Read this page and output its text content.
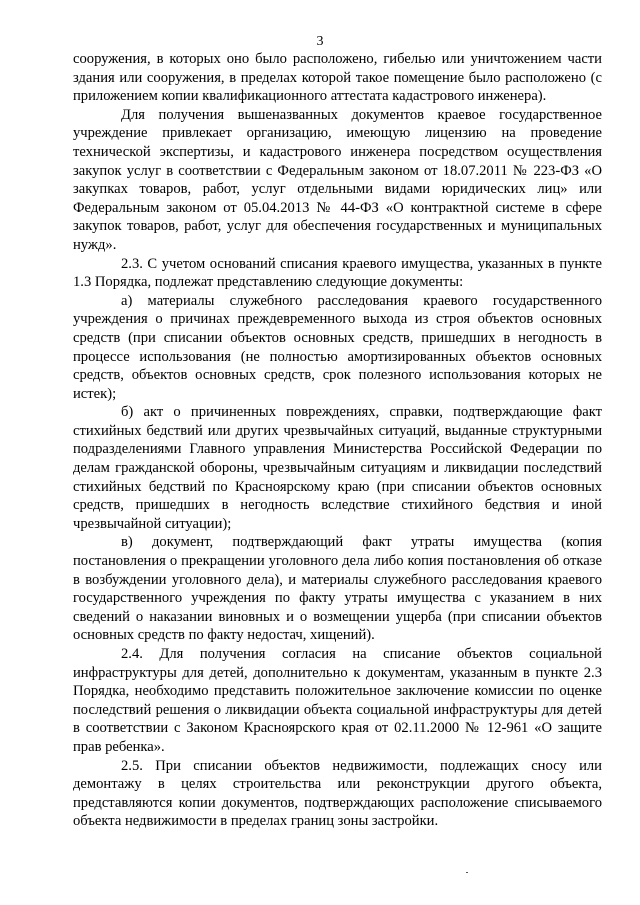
3

сооружения, в которых оно было расположено, гибелью или уничтожением части здания или сооружения, в пределах которой такое помещение было расположено (с приложением копии квалификационного аттестата кадастрового инженера).

Для получения вышеназванных документов краевое государственное учреждение привлекает организацию, имеющую лицензию на проведение технической экспертизы, и кадастрового инженера посредством осуществления закупок услуг в соответствии с Федеральным законом от 18.07.2011 № 223-ФЗ «О закупках товаров, работ, услуг отдельными видами юридических лиц» или Федеральным законом от 05.04.2013 № 44-ФЗ «О контрактной системе в сфере закупок товаров, работ, услуг для обеспечения государственных и муниципальных нужд».

2.3. С учетом оснований списания краевого имущества, указанных в пункте 1.3 Порядка, подлежат представлению следующие документы:

а) материалы служебного расследования краевого государственного учреждения о причинах преждевременного выхода из строя объектов основных средств (при списании объектов основных средств, пришедших в негодность в процессе использования (не полностью амортизированных объектов основных средств, объектов основных средств, срок полезного использования которых не истек);

б) акт о причиненных повреждениях, справки, подтверждающие факт стихийных бедствий или других чрезвычайных ситуаций, выданные структурными подразделениями Главного управления Министерства Российской Федерации по делам гражданской обороны, чрезвычайным ситуациям и ликвидации последствий стихийных бедствий по Красноярскому краю (при списании объектов основных средств, пришедших в негодность вследствие стихийного бедствия и иной чрезвычайной ситуации);

в) документ, подтверждающий факт утраты имущества (копия постановления о прекращении уголовного дела либо копия постановления об отказе в возбуждении уголовного дела), и материалы служебного расследования краевого государственного учреждения по факту утраты имущества с указанием в них сведений о наказании виновных и о возмещении ущерба (при списании объектов основных средств по факту недостач, хищений).

2.4. Для получения согласия на списание объектов социальной инфраструктуры для детей, дополнительно к документам, указанным в пункте 2.3 Порядка, необходимо представить положительное заключение комиссии по оценке последствий решения о ликвидации объекта социальной инфраструктуры для детей в соответствии с Законом Красноярского края от 02.11.2000 № 12-961 «О защите прав ребенка».

2.5. При списании объектов недвижимости, подлежащих сносу или демонтажу в целях строительства или реконструкции другого объекта, представляются копии документов, подтверждающих расположение списываемого объекта недвижимости в пределах границ зоны застройки.
